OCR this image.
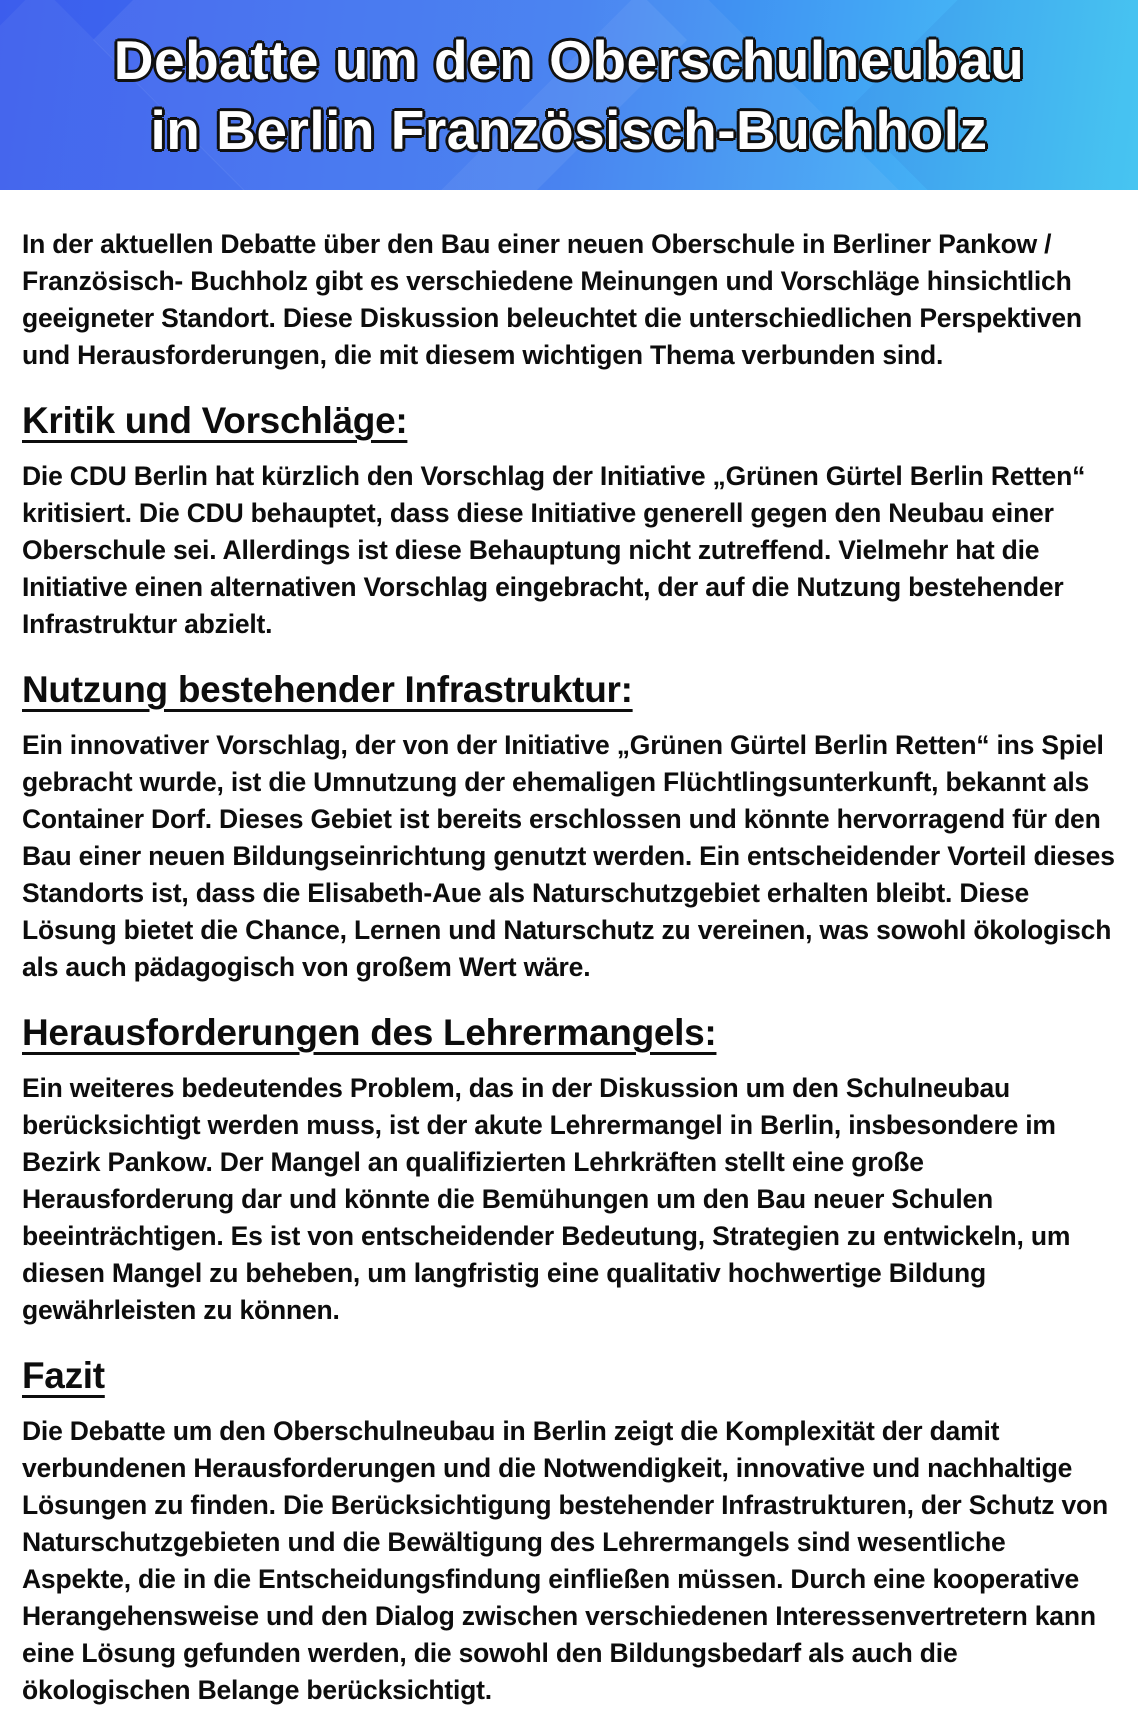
Debatte um den Oberschulneubau
in Berlin Französisch-Buchholz

In der aktuellen Debatte über den Bau einer neuen Oberschule in Berliner Pankow / Französisch- Buchholz gibt es verschiedene Meinungen und Vorschläge hinsichtlich geeigneter Standort. Diese Diskussion beleuchtet die unterschiedlichen Perspektiven und Herausforderungen, die mit diesem wichtigen Thema verbunden sind.

Kritik und Vorschläge:

Die CDU Berlin hat kürzlich den Vorschlag der Initiative „Grünen Gürtel Berlin Retten“ kritisiert. Die CDU behauptet, dass diese Initiative generell gegen den Neubau einer Oberschule sei. Allerdings ist diese Behauptung nicht zutreffend. Vielmehr hat die Initiative einen alternativen Vorschlag eingebracht, der auf die Nutzung bestehender Infrastruktur abzielt.

Nutzung bestehender Infrastruktur:

Ein innovativer Vorschlag, der von der Initiative „Grünen Gürtel Berlin Retten“ ins Spiel gebracht wurde, ist die Umnutzung der ehemaligen Flüchtlingsunterkunft, bekannt als Container Dorf. Dieses Gebiet ist bereits erschlossen und könnte hervorragend für den Bau einer neuen Bildungseinrichtung genutzt werden. Ein entscheidender Vorteil dieses Standorts ist, dass die Elisabeth-Aue als Naturschutzgebiet erhalten bleibt. Diese Lösung bietet die Chance, Lernen und Naturschutz zu vereinen, was sowohl ökologisch als auch pädagogisch von großem Wert wäre.

Herausforderungen des Lehrermangels:

Ein weiteres bedeutendes Problem, das in der Diskussion um den Schulneubau berücksichtigt werden muss, ist der akute Lehrermangel in Berlin, insbesondere im Bezirk Pankow. Der Mangel an qualifizierten Lehrkräften stellt eine große Herausforderung dar und könnte die Bemühungen um den Bau neuer Schulen beeinträchtigen. Es ist von entscheidender Bedeutung, Strategien zu entwickeln, um diesen Mangel zu beheben, um langfristig eine qualitativ hochwertige Bildung gewährleisten zu können.

Fazit

Die Debatte um den Oberschulneubau in Berlin zeigt die Komplexität der damit verbundenen Herausforderungen und die Notwendigkeit, innovative und nachhaltige Lösungen zu finden. Die Berücksichtigung bestehender Infrastrukturen, der Schutz von Naturschutzgebieten und die Bewältigung des Lehrermangels sind wesentliche Aspekte, die in die Entscheidungsfindung einfließen müssen. Durch eine kooperative Herangehensweise und den Dialog zwischen verschiedenen Interessenvertretern kann eine Lösung gefunden werden, die sowohl den Bildungsbedarf als auch die ökologischen Belange berücksichtigt.
